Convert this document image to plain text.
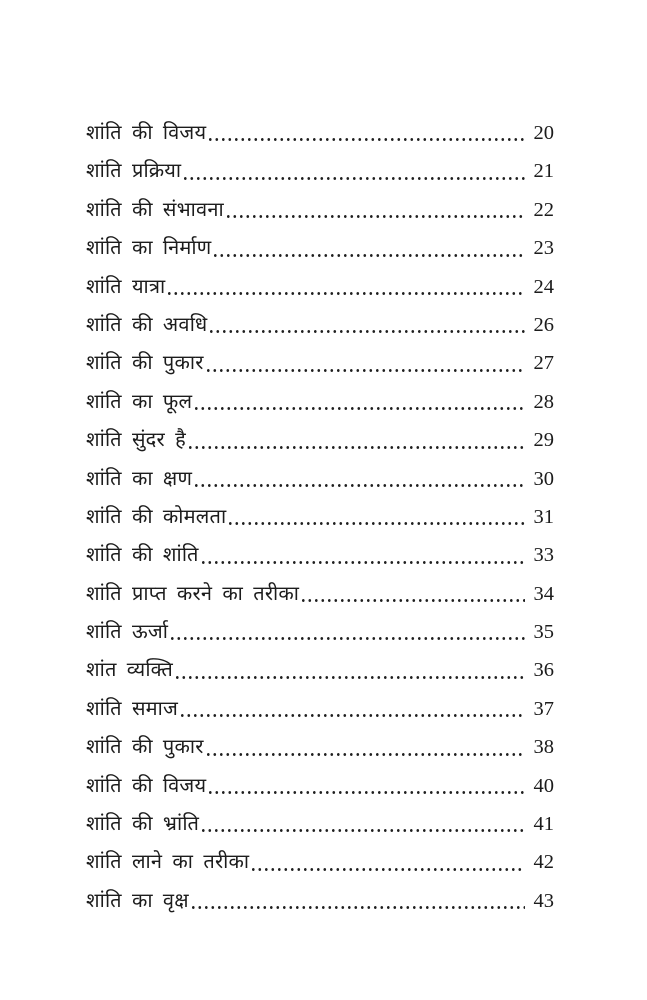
शांति की विजय	20
शांति प्रक्रिया	21
शांति की संभावना	22
शांति का निर्माण	23
शांति यात्रा	24
शांति की अवधि	26
शांति की पुकार	27
शांति का फूल	28
शांति सुंदर है	29
शांति का क्षण	30
शांति की कोमलता	31
शांति की शांति	33
शांति प्राप्त करने का तरीका	34
शांति ऊर्जा	35
शांत व्यक्ति	36
शांति समाज	37
शांति की पुकार	38
शांति की विजय	40
शांति की भ्रांति	41
शांति लाने का तरीका	42
शांति का वृक्ष	43
